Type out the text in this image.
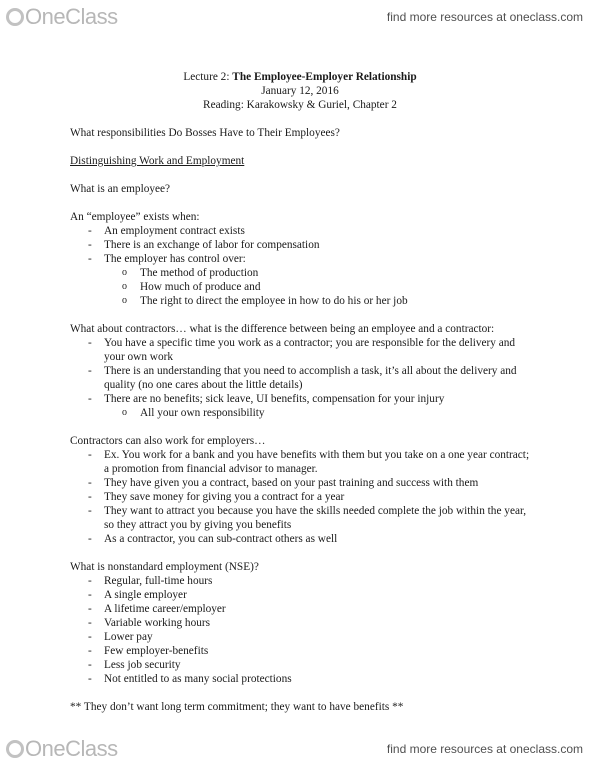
OneClass	find more resources at oneclass.com
Lecture 2: The Employee-Employer Relationship
January 12, 2016
Reading: Karakowsky & Guriel, Chapter 2

What responsibilities Do Bosses Have to Their Employees?

Distinguishing Work and Employment

What is an employee?

An “employee” exists when:

- An employment contract exists
- There is an exchange of labor for compensation
- The employer has control over:
o The method of production
o How much of produce and
o The right to direct the employee in how to do his or her job

What about contractors… what is the difference between being an employee and a contractor:

- You have a specific time you work as a contractor; you are responsible for the delivery and your own work
- There is an understanding that you need to accomplish a task, it’s all about the delivery and quality (no one cares about the little details)
- There are no benefits; sick leave, UI benefits, compensation for your injury
o All your own responsibility

Contractors can also work for employers…

- Ex. You work for a bank and you have benefits with them but you take on a one year contract; a promotion from financial advisor to manager.
- They have given you a contract, based on your past training and success with them
- They save money for giving you a contract for a year
- They want to attract you because you have the skills needed complete the job within the year, so they attract you by giving you benefits
- As a contractor, you can sub-contract others as well

What is nonstandard employment (NSE)?

- Regular, full-time hours
- A single employer
- A lifetime career/employer
- Variable working hours
- Lower pay
- Few employer-benefits
- Less job security
- Not entitled to as many social protections

** They don’t want long term commitment; they want to have benefits **

OneClass	find more resources at oneclass.com
